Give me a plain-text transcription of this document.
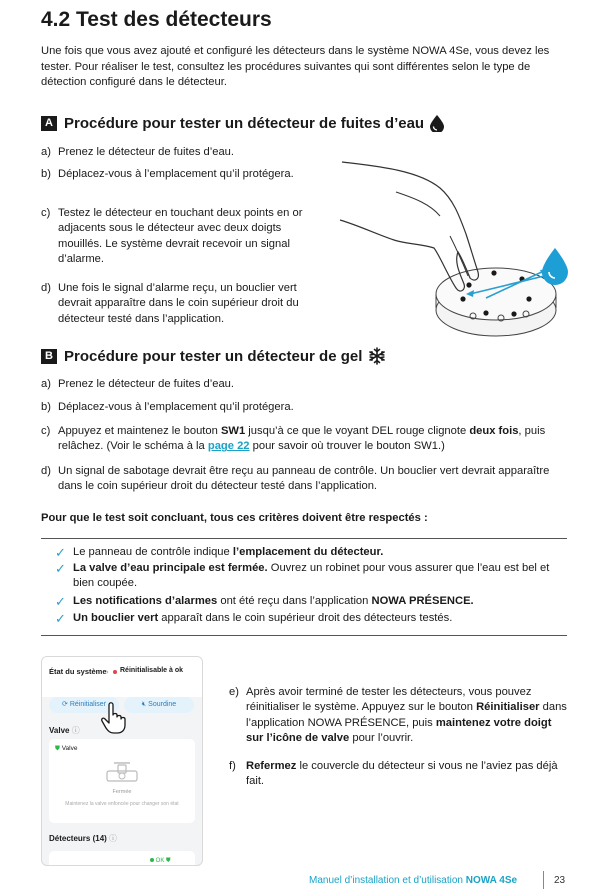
4.2 Test des détecteurs

Une fois que vous avez ajouté et configuré les détecteurs dans le système NOWA 4Se, vous devez les tester. Pour réaliser le test, consultez les procédures suivantes qui sont différentes selon le type de détection configuré dans le détecteur.

A Procédure pour tester un détecteur de fuites d’eau
a) Prenez le détecteur de fuites d’eau.
b) Déplacez-vous à l’emplacement qu’il protégera.
c) Testez le détecteur en touchant deux points en or adjacents sous le détecteur avec deux doigts mouillés. Le système devrait recevoir un signal d’alarme.
d) Une fois le signal d’alarme reçu, un bouclier vert devrait apparaître dans le coin supérieur droit du détecteur testé dans l’application.
B Procédure pour tester un détecteur de gel
a) Prenez le détecteur de fuites d’eau.
b) Déplacez-vous à l’emplacement qu’il protégera.
c) Appuyez et maintenez le bouton SW1 jusqu’à ce que le voyant DEL rouge clignote deux fois, puis relâchez. (Voir le schéma à la page 22 pour savoir où trouver le bouton SW1.)
d) Un signal de sabotage devrait être reçu au panneau de contrôle. Un bouclier vert devrait apparaître dans le coin supérieur droit du détecteur testé dans l’application.

Pour que le test soit concluant, tous ces critères doivent être respectés :

✓ Le panneau de contrôle indique l’emplacement du détecteur.
✓ La valve d’eau principale est fermée. Ouvrez un robinet pour vous assurer que l’eau est bel et bien coupée.
✓ Les notifications d’alarmes ont été reçu dans l’application NOWA PRÉSENCE.
✓ Un bouclier vert apparaît dans le coin supérieur droit des détecteurs testés.
État du système › Réinitialisable à ok
⟳ Réinitialiser	🔇︎ Sourdine
Valve ⓘ
⛊ Valve
Fermée
Maintenez la valve enfoncée pour changer son état
Détecteurs (14) ⓘ
OK ⛊
e) Après avoir terminé de tester les détecteurs, vous pouvez réinitialiser le système. Appuyez sur le bouton Réinitialiser dans l’application NOWA PRÉSENCE, puis maintenez votre doigt sur l’icône de valve pour l’ouvrir.
f) Refermez le couvercle du détecteur si vous ne l’aviez pas déjà fait.
Manuel d’installation et d’utilisation NOWA 4Se	23
